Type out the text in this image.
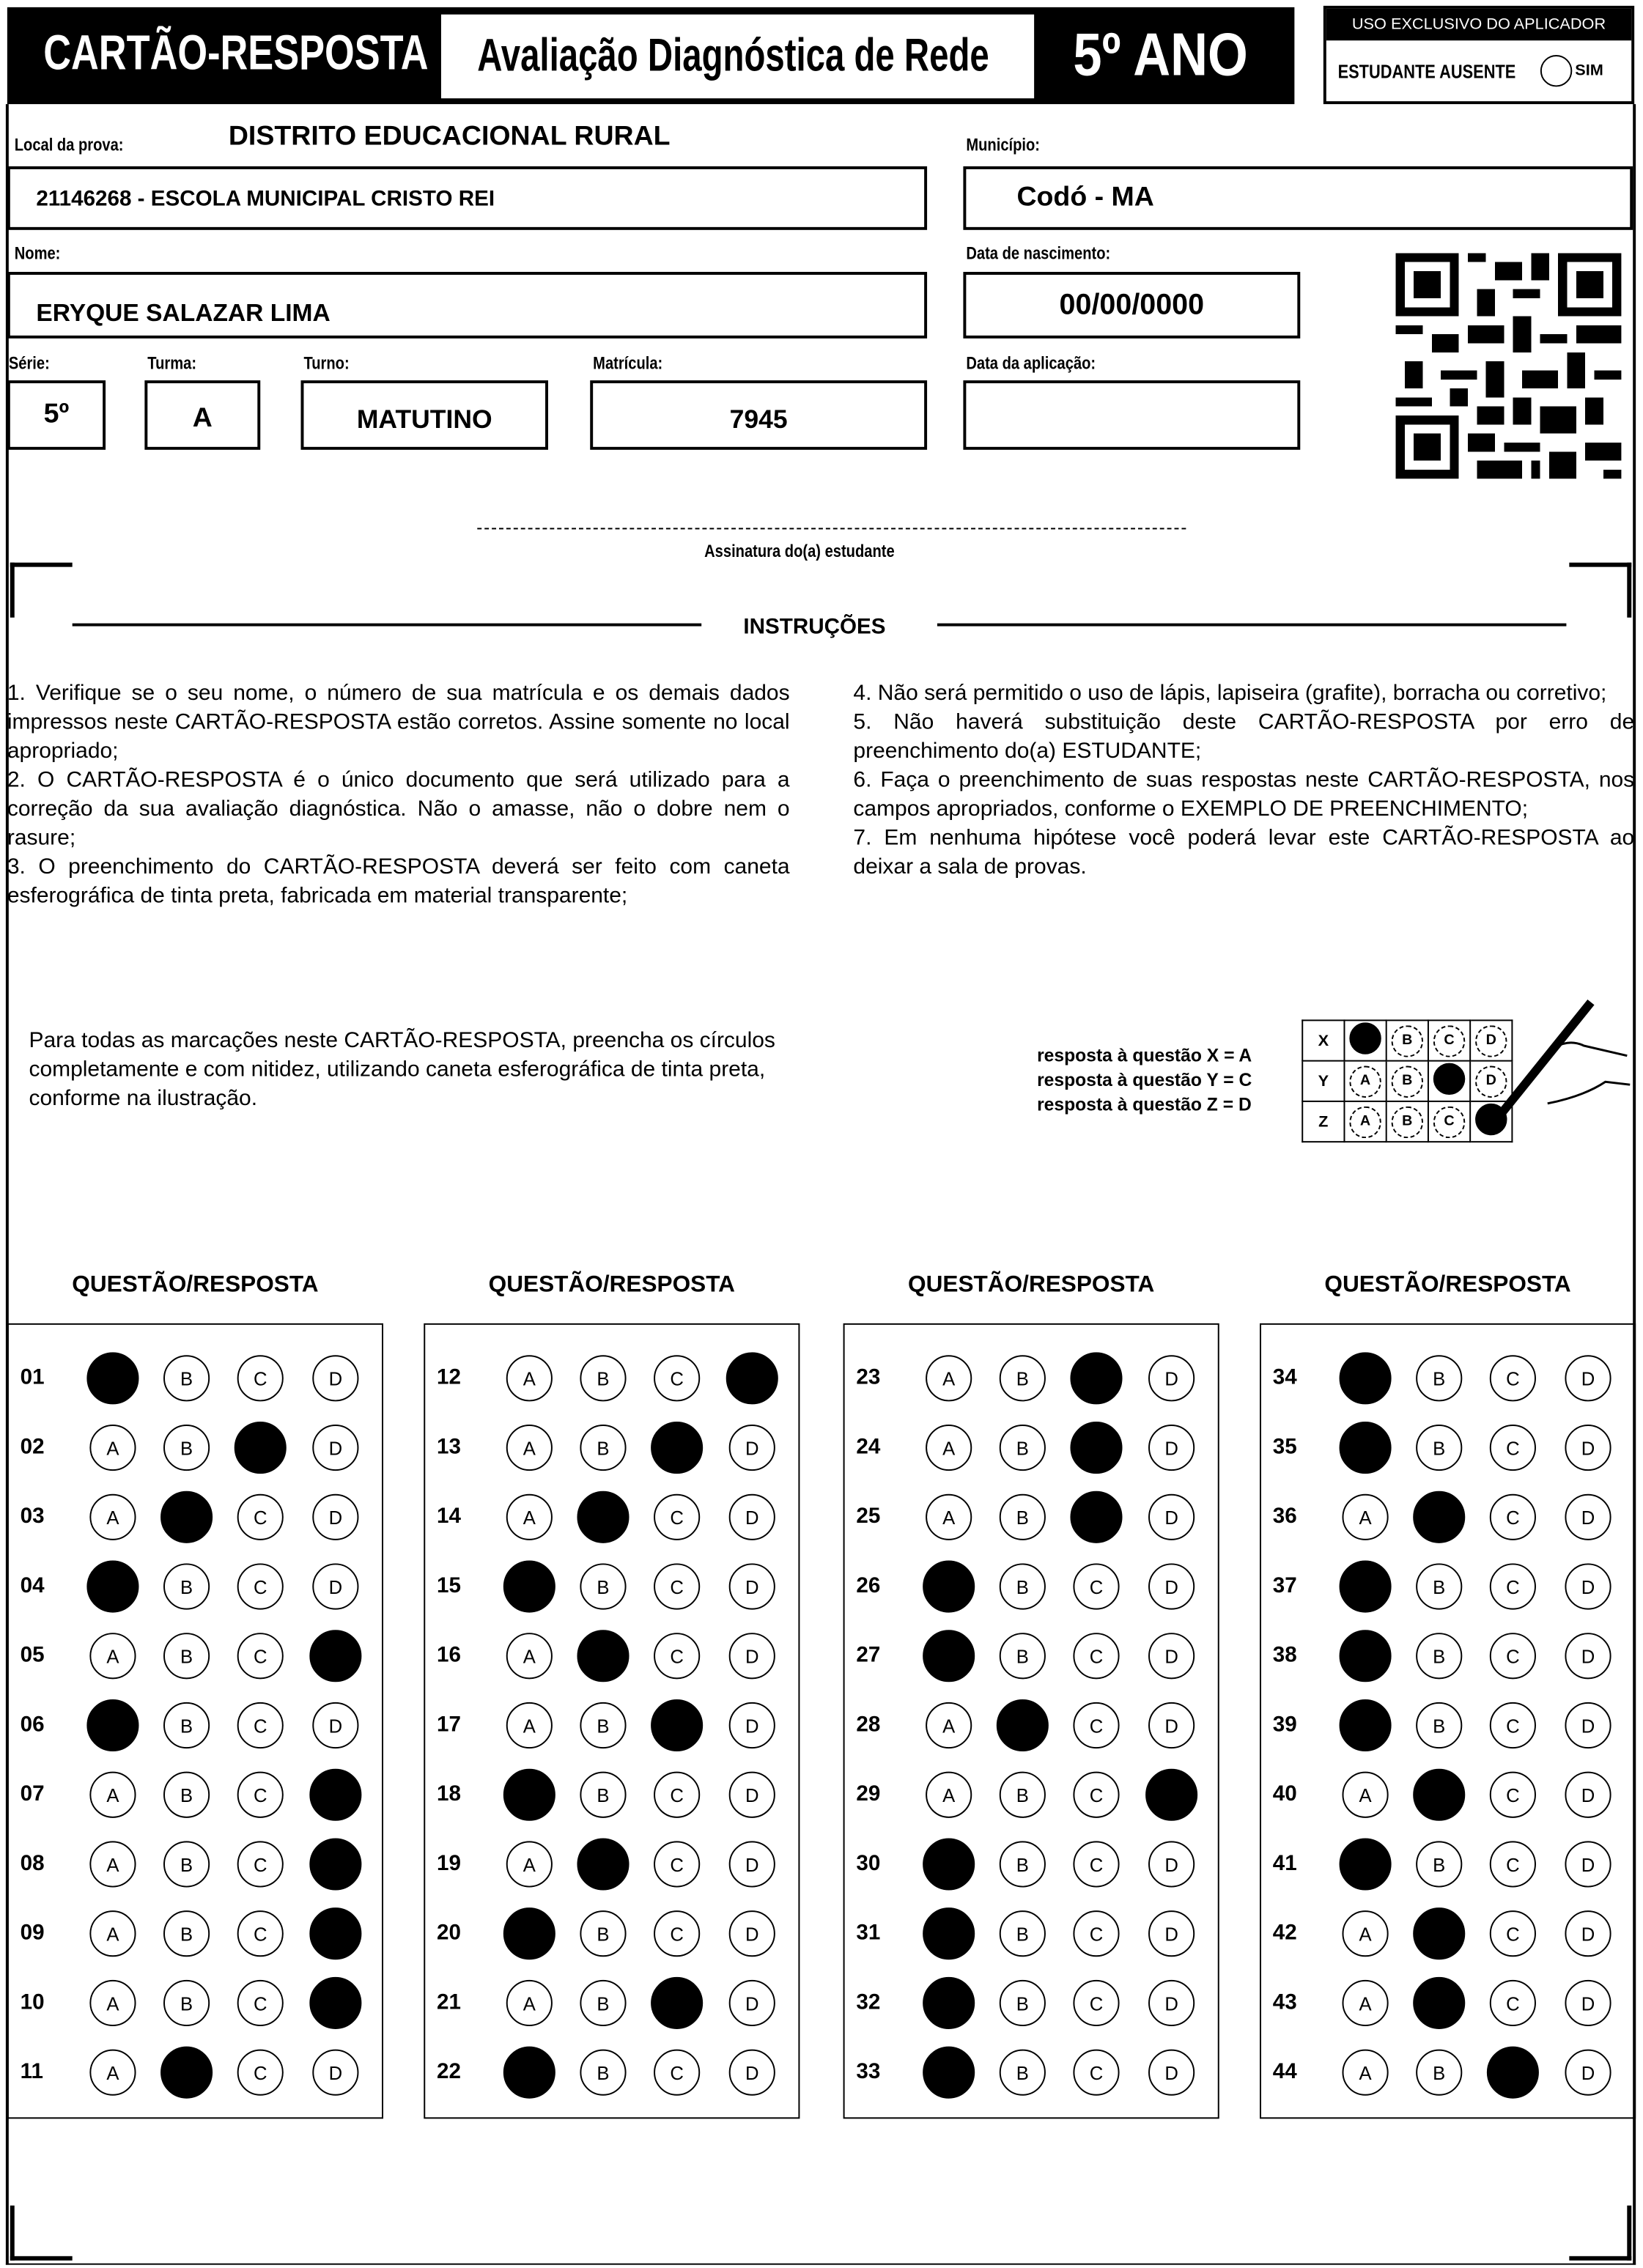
CARTÃO-RESPOSTA Avaliação Diagnóstica de Rede	5º ANO	USO EXCLUSIVO DO APLICADOR
ESTUDANTE AUSENTE	SIM
Local da prova:	DISTRITO EDUCACIONAL RURAL
21146268 - ESCOLA MUNICIPAL CRISTO REI
Município:
Codó - MA
Nome:
ERYQUE SALAZAR LIMA
Data de nascimento:
00/00/0000
Série:	Turma:	Turno:	Matrícula:	Data da aplicação:
5º	A	MATUTINO	7945
Assinatura do(a) estudante
INSTRUÇÕES

1. Verifique se o seu nome, o número de sua matrícula e os demais dados impressos neste CARTÃO-RESPOSTA estão corretos. Assine somente no local apropriado;

2. O CARTÃO-RESPOSTA é o único documento que será utilizado para a correção da sua avaliação diagnóstica. Não o amasse, não o dobre nem o rasure;

3. O preenchimento do CARTÃO-RESPOSTA deverá ser feito com caneta esferográfica de tinta preta, fabricada em material transparente;

4. Não será permitido o uso de lápis, lapiseira (grafite), borracha ou corretivo;

5. Não haverá substituição deste CARTÃO-RESPOSTA por erro de preenchimento do(a) ESTUDANTE;

6. Faça o preenchimento de suas respostas neste CARTÃO-RESPOSTA, nos campos apropriados, conforme o EXEMPLO DE PREENCHIMENTO;

7. Em nenhuma hipótese você poderá levar este CARTÃO-RESPOSTA ao deixar a sala de provas.

Para todas as marcações neste CARTÃO-RESPOSTA, preencha os círculos completamente e com nitidez, utilizando caneta esferográfica de tinta preta, conforme na ilustração.
resposta à questão X = A
resposta à questão Y = C
resposta à questão Z = D
X		B	C	D
Y	A	B		D
Z	A	B	C	
QUESTÃO/RESPOSTA
01	A	B	C	D
02	A	B	C	D
03	A	B	C	D
04	A	B	C	D
05	A	B	C	D
06	A	B	C	D
07	A	B	C	D
08	A	B	C	D
09	A	B	C	D
10	A	B	C	D
11	A	B	C	D
QUESTÃO/RESPOSTA
12	A	B	C	D
13	A	B	C	D
14	A	B	C	D
15	A	B	C	D
16	A	B	C	D
17	A	B	C	D
18	A	B	C	D
19	A	B	C	D
20	A	B	C	D
21	A	B	C	D
22	A	B	C	D
QUESTÃO/RESPOSTA
23	A	B	C	D
24	A	B	C	D
25	A	B	C	D
26	A	B	C	D
27	A	B	C	D
28	A	B	C	D
29	A	B	C	D
30	A	B	C	D
31	A	B	C	D
32	A	B	C	D
33	A	B	C	D
QUESTÃO/RESPOSTA
34	A	B	C	D
35	A	B	C	D
36	A	B	C	D
37	A	B	C	D
38	A	B	C	D
39	A	B	C	D
40	A	B	C	D
41	A	B	C	D
42	A	B	C	D
43	A	B	C	D
44	A	B	C	D
